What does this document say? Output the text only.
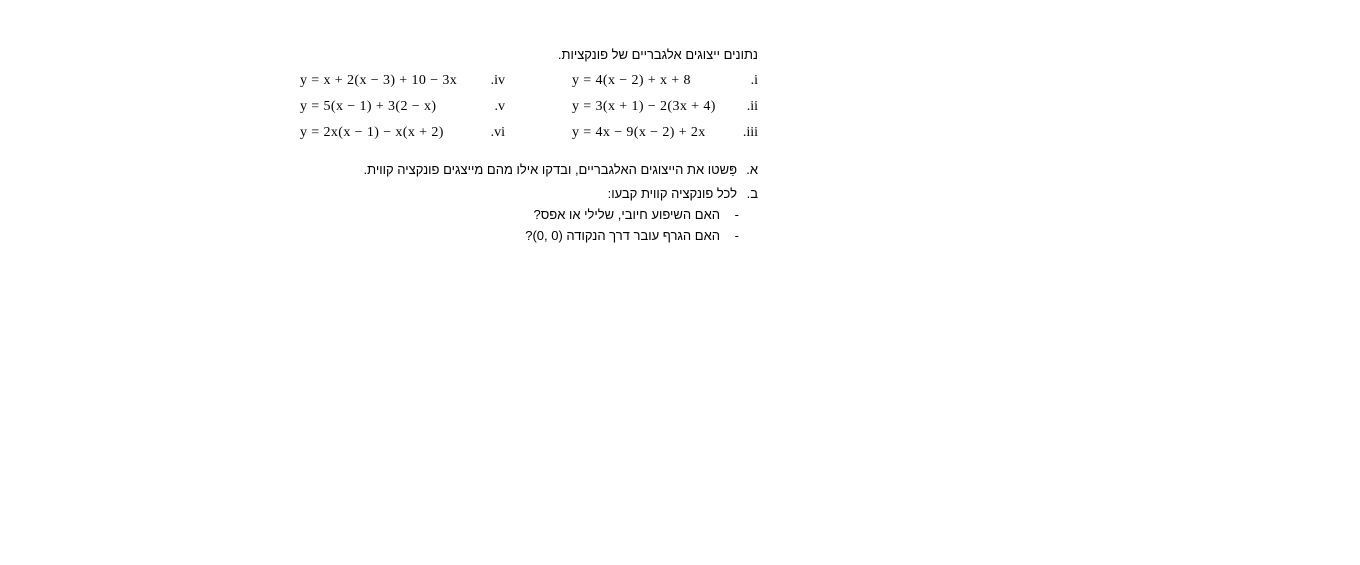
נתונים ייצוגים אלגבריים של פונקציות.
.i
y = 4(x − 2) + x + 8
.ii
y = 3(x + 1) − 2(3x + 4)
.iii
y = 4x − 9(x − 2) + 2x
.iv
y = x + 2(x − 3) + 10 − 3x
.v
y = 5(x − 1) + 3(2 − x)
.vi
y = 2x(x − 1) − x(x + 2)
א.
פַּשטו את הייצוגים האלגבריים, ובדקו אילו מהם מייצגים פונקציה קווית.
ב.
לכל פונקציה קווית קבעו:
-
האם השיפוע חיובי, שלילי או אפס?
-
האם הגרף עובר דרך הנקודה (0 ,0)?
